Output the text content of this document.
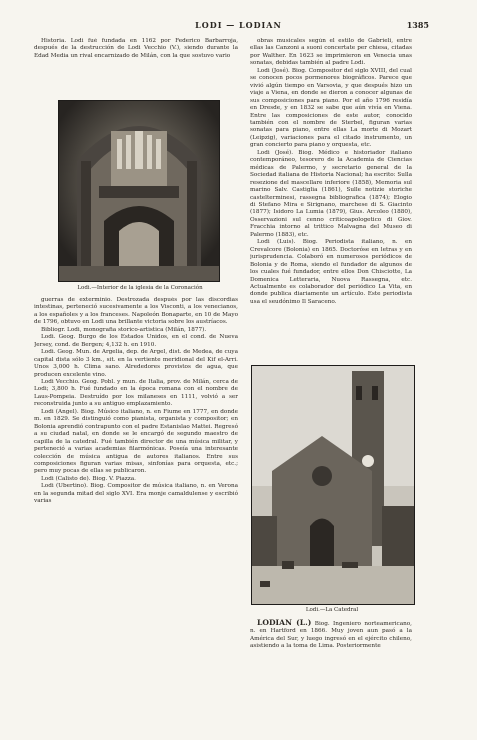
LODI — LODIAN	1385

Historia. Lodi fué fundada en 1162 por Federico Barbarroja, después de la destrucción de Lodi Vecchio (V.), siendo durante la Edad Media un rival encarnizado de Milán, con la que sostuvo vario

Lodi.—Interior de la iglesia de la Coronación

guerras de exterminio. Destrozada después por las discordias intestinas, perteneció sucesivamente a los Visconti, a los venecianos, a los españoles y a los franceses. Napoleón Bonaparte, en 10 de Mayo de 1796, obtuvo en Lodi una brillante victoria sobre los austríacos.

Bibliogr. Lodi, monografia storico-artistica (Milán, 1877).

Lodi. Geog. Burgo de los Estados Unidos, en el cond. de Nueva Jersey, cond. de Bergen; 4,132 h. en 1910.

Lodi. Geog. Mun. de Argelia, dep. de Argel, dist. de Medea, de cuya capital dista sólo 3 km., sit. en la vertiente meridional del Kif el-Arri. Unos 3,000 h. Clima sano. Alrededores provistos de agua, que producen excelente vino.

Lodi Vecchio. Geog. Pobl. y mun. de Italia, prov. de Milán, cerca de Lodi; 3,800 h. Fué fundado en la época romana con el nombre de Laus-Pompeia. Destruído por los milaneses en 1111, volvió a ser reconstruida junto a su antiguo emplazamiento.

Lodi (Angel). Biog. Músico italiano, n. en Fiume en 1777, en donde m. en 1829. Se distinguió como pianista, organista y compositor; en Bolonia aprendió contrapunto con el padre Estanislao Mattei. Regresó a su ciudad natal, en donde se le encargó de segundo maestro de capilla de la catedral. Fué también director de una música militar, y perteneció a varias academias filarmónicas. Poseía una interesante colección de música antigua de autores italianos. Entre sus composiciones figuran varias misas, sinfonías para orquesta, etc.; pero muy pocas de ellas se publicaron.

Lodi (Calisto de). Biog. V. Piazza.

Lodi (Ubertino). Biog. Compositor de música italiano, n. en Verona en la segunda mitad del siglo XVI. Era monje camaldulense y escribió varias

obras musicales según el estilo de Gabrieli, entre ellas las Canzoni a suoni concertate per chiesa, citadas por Walther. En 1623 se imprimieron en Venecia unas sonatas, debidas también al padre Lodi.

Lodi (José). Biog. Compositor del siglo XVIII, del cual se conocen pocos pormenores biográficos. Parece que vivió algún tiempo en Varsovia, y que después hizo un viaje a Viena, en donde se dieron a conocer algunas de sus composiciones para piano. Por el año 1796 residía en Dresde, y en 1832 se sabe que aún vivía en Viena. Entre las composiciones de este autor, conocido también con el nombre de Sterbel, figuran varias sonatas para piano, entre ellas La morte di Mozart (Leipzig), variaciones para el citado instrumento, un gran concierto para piano y orquesta, etc.

Lodi (José). Biog. Médico e historiador italiano contemporáneo, tesorero de la Academia de Ciencias médicas de Palermo, y secretario general de la Sociedad italiana de Historia Nacional; ha escrito: Sulla resezione del mascellare inferiore (1858), Memoria sul marino Salv. Castiglia (1861), Sulle notizie storiche castelterminesi, rassegna bibliografica (1874); Elogio di Stefano Mira e Sirignano, marchese di S. Giacinto (1877); Isidoro La Lumia (1879), Gius. Arcoleo (1880), Osservazioni sul cenno criticoapologetico di Giov. Fracchia intorno al trittico Malvagna del Museo di Palermo (1883), etc.

Lodi (Luis). Biog. Periodista italiano, n. en Crevalcore (Bolonia) en 1865. Doctoróse en letras y en jurisprudencia. Colaboró en numerosos periódicos de Bolonia y de Roma, siendo el fundador de algunos de los cuales fué fundador, entre ellos Don Chisciotte, La Domenica Letteraria, Nuova Rassegna, etc. Actualmente es colaborador del periódico La Vita, en donde publica diariamente un artículo. Este periodista usa el seudónimo Il Saraceno.

Lodi.—La Catedral

LODIAN (L.) Biog. Ingeniero norteamericano, n. en Hartford en 1866. Muy joven aun pasó a la América del Sur, y luego ingresó en el ejército chileno, asistiendo a la toma de Lima. Posteriormente
